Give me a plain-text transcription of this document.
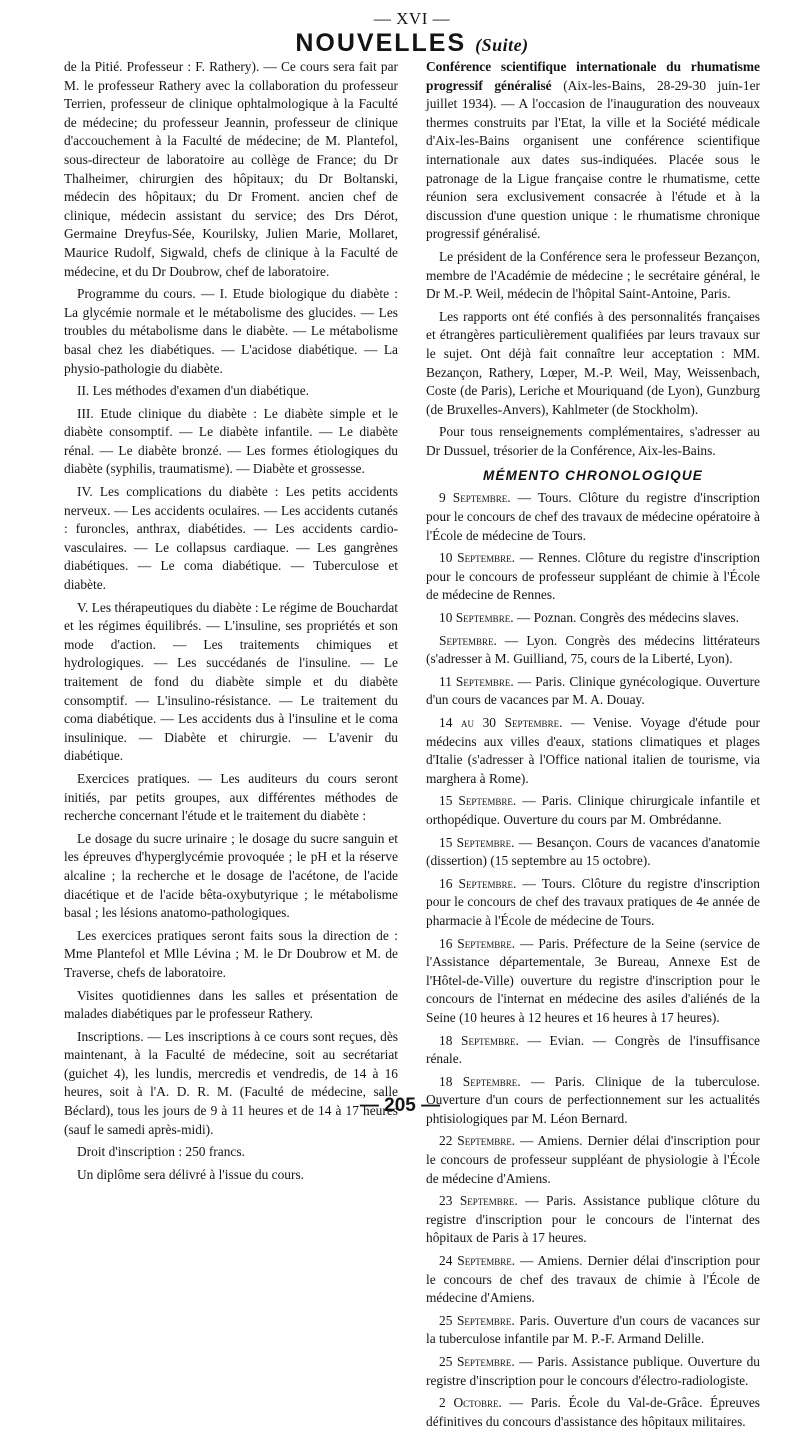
— XVI —
NOUVELLES (Suite)

de la Pitié. Professeur : F. Rathery). — Ce cours sera fait par M. le professeur Rathery avec la collaboration du professeur Terrien, professeur de clinique ophtalmologique à la Faculté de médecine; du professeur Jeannin, professeur de clinique d'accouchement à la Faculté de médecine; de M. Plantefol, sous-directeur de laboratoire au collège de France; du Dr Thalheimer, chirurgien des hôpitaux; du Dr Boltanski, médecin des hôpitaux; du Dr Froment. ancien chef de clinique, médecin assistant du service; des Drs Dérot, Germaine Dreyfus-Sée, Kourilsky, Julien Marie, Mollaret, Maurice Rudolf, Sigwald, chefs de clinique à la Faculté de médecine, et du Dr Doubrow, chef de laboratoire.

Programme du cours. — I. Etude biologique du diabète : La glycémie normale et le métabolisme des glucides. — Les troubles du métabolisme dans le diabète. — Le métabolisme basal chez les diabétiques. — L'acidose diabétique. — La physio-pathologie du diabète.

II. Les méthodes d'examen d'un diabétique.

III. Etude clinique du diabète : Le diabète simple et le diabète consomptif. — Le diabète infantile. — Le diabète rénal. — Le diabète bronzé. — Les formes étiologiques du diabète (syphilis, traumatisme). — Diabète et grossesse.

IV. Les complications du diabète : Les petits accidents nerveux. — Les accidents oculaires. — Les accidents cutanés : furoncles, anthrax, diabétides. — Les accidents cardio-vasculaires. — Le collapsus cardiaque. — Les gangrènes diabétiques. — Le coma diabétique. — Tuberculose et diabète.

V. Les thérapeutiques du diabète : Le régime de Bouchardat et les régimes équilibrés. — L'insuline, ses propriétés et son mode d'action. — Les traitements chimiques et hydrologiques. — Les succédanés de l'insuline. — Le traitement de fond du diabète simple et du diabète consomptif. — L'insulino-résistance. — Le traitement du coma diabétique. — Les accidents dus à l'insuline et le coma insulinique. — Diabète et chirurgie. — L'avenir du diabétique.

Exercices pratiques. — Les auditeurs du cours seront initiés, par petits groupes, aux différentes méthodes de recherche concernant l'étude et le traitement du diabète :

Le dosage du sucre urinaire ; le dosage du sucre sanguin et les épreuves d'hyperglycémie provoquée ; le pH et la réserve alcaline ; la recherche et le dosage de l'acétone, de l'acide diacétique et de l'acide bêta-oxybutyrique ; le métabolisme basal ; les lésions anatomo-pathologiques.

Les exercices pratiques seront faits sous la direction de : Mme Plantefol et Mlle Lévina ; M. le Dr Doubrow et M. de Traverse, chefs de laboratoire.

Visites quotidiennes dans les salles et présentation de malades diabétiques par le professeur Rathery.

Inscriptions. — Les inscriptions à ce cours sont reçues, dès maintenant, à la Faculté de médecine, soit au secrétariat (guichet 4), les lundis, mercredis et vendredis, de 14 à 16 heures, soit à l'A. D. R. M. (Faculté de médecine, salle Béclard), tous les jours de 9 à 11 heures et de 14 à 17 heures (sauf le samedi après-midi).

Droit d'inscription : 250 francs.

Un diplôme sera délivré à l'issue du cours.

Conférence scientifique internationale du rhumatisme progressif généralisé (Aix-les-Bains, 28-29-30 juin-1er juillet 1934). — A l'occasion de l'inauguration des nouveaux thermes construits par l'Etat, la ville et la Société médicale d'Aix-les-Bains organisent une conférence scientifique internationale aux dates sus-indiquées. Placée sous le patronage de la Ligue française contre le rhumatisme, cette réunion sera exclusivement consacrée à l'étude et à la discussion d'une question unique : le rhumatisme chronique progressif généralisé.

Le président de la Conférence sera le professeur Bezançon, membre de l'Académie de médecine ; le secrétaire général, le Dr M.-P. Weil, médecin de l'hôpital Saint-Antoine, Paris.

Les rapports ont été confiés à des personnalités françaises et étrangères particulièrement qualifiées par leurs travaux sur le sujet. Ont déjà fait connaître leur acceptation : MM. Bezançon, Rathery, Lœper, M.-P. Weil, May, Weissenbach, Coste (de Paris), Leriche et Mouriquand (de Lyon), Gunzburg (de Bruxelles-Anvers), Kahlmeter (de Stockholm).

Pour tous renseignements complémentaires, s'adresser au Dr Dussuel, trésorier de la Conférence, Aix-les-Bains.

MÉMENTO CHRONOLOGIQUE

9 Septembre. — Tours. Clôture du registre d'inscription pour le concours de chef des travaux de médecine opératoire à l'École de médecine de Tours.

10 Septembre. — Rennes. Clôture du registre d'inscription pour le concours de professeur suppléant de chimie à l'École de médecine de Rennes.

10 Septembre. — Poznan. Congrès des médecins slaves.

Septembre. — Lyon. Congrès des médecins littérateurs (s'adresser à M. Guilliand, 75, cours de la Liberté, Lyon).

11 Septembre. — Paris. Clinique gynécologique. Ouverture d'un cours de vacances par M. A. Douay.

14 au 30 Septembre. — Venise. Voyage d'étude pour médecins aux villes d'eaux, stations climatiques et plages d'Italie (s'adresser à l'Office national italien de tourisme, via marghera à Rome).

15 Septembre. — Paris. Clinique chirurgicale infantile et orthopédique. Ouverture du cours par M. Ombrédanne.

15 Septembre. — Besançon. Cours de vacances d'anatomie (dissertion) (15 septembre au 15 octobre).

16 Septembre. — Tours. Clôture du registre d'inscription pour le concours de chef des travaux pratiques de 4e année de pharmacie à l'École de médecine de Tours.

16 Septembre. — Paris. Préfecture de la Seine (service de l'Assistance départementale, 3e Bureau, Annexe Est de l'Hôtel-de-Ville) ouverture du registre d'inscription pour le concours de l'internat en médecine des asiles d'aliénés de la Seine (10 heures à 12 heures et 16 heures à 17 heures).

18 Septembre. — Evian. — Congrès de l'insuffisance rénale.

18 Septembre. — Paris. Clinique de la tuberculose. Ouverture d'un cours de perfectionnement sur les actualités phtisiologiques par M. Léon Bernard.

22 Septembre. — Amiens. Dernier délai d'inscription pour le concours de professeur suppléant de physiologie à l'École de médecine d'Amiens.

23 Septembre. — Paris. Assistance publique clôture du registre d'inscription pour le concours de l'internat des hôpitaux de Paris à 17 heures.

24 Septembre. — Amiens. Dernier délai d'inscription pour le concours de chef des travaux de chimie à l'École de médecine d'Amiens.

25 Septembre. Paris. Ouverture d'un cours de vacances sur la tuberculose infantile par M. P.-F. Armand Delille.

25 Septembre. — Paris. Assistance publique. Ouverture du registre d'inscription pour le concours d'électro-radiologiste.

2 Octobre. — Paris. École du Val-de-Grâce. Épreuves définitives du concours d'assistance des hôpitaux militaires.

— 205 —
